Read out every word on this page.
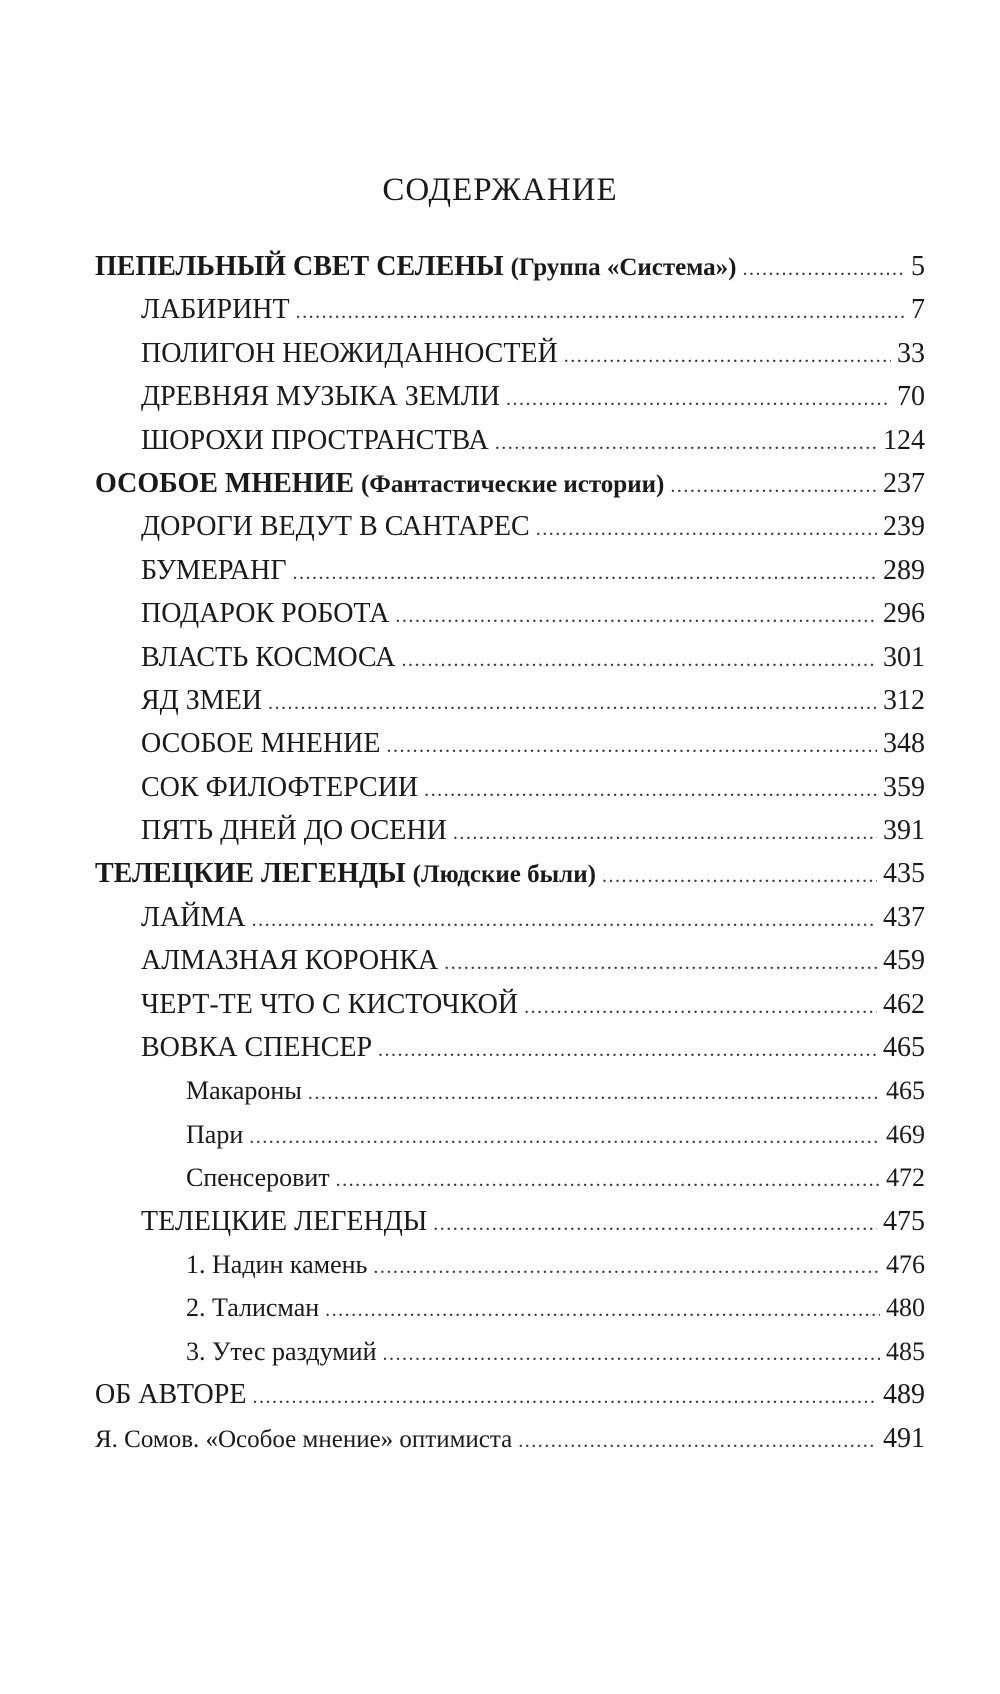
СОДЕРЖАНИЕ
ПЕПЕЛЬНЫЙ СВЕТ СЕЛЕНЫ (Группа «Система») .....	5
ЛАБИРИНТ .....	7
ПОЛИГОН НЕОЖИДАННОСТЕЙ .....	33
ДРЕВНЯЯ МУЗЫКА ЗЕМЛИ .....	70
ШОРОХИ ПРОСТРАНСТВА .....	124
ОСОБОЕ МНЕНИЕ (Фантастические истории) .....	237
ДОРОГИ ВЕДУТ В САНТАРЕС .....	239
БУМЕРАНГ .....	289
ПОДАРОК РОБОТА .....	296
ВЛАСТЬ КОСМОСА .....	301
ЯД ЗМЕИ .....	312
ОСОБОЕ МНЕНИЕ .....	348
СОК ФИЛОФТЕРСИИ .....	359
ПЯТЬ ДНЕЙ ДО ОСЕНИ .....	391
ТЕЛЕЦКИЕ ЛЕГЕНДЫ (Людские были) .....	435
ЛАЙМА .....	437
АЛМАЗНАЯ КОРОНКА .....	459
ЧЕРТ-ТЕ ЧТО С КИСТОЧКОЙ .....	462
ВОВКА СПЕНСЕР .....	465
Макароны .....	465
Пари .....	469
Спенсеровит .....	472
ТЕЛЕЦКИЕ ЛЕГЕНДЫ .....	475
1. Надин камень .....	476
2. Талисман .....	480
3. Утес раздумий .....	485
ОБ АВТОРЕ .....	489
Я. Сомов. «Особое мнение» оптимиста .....	491
